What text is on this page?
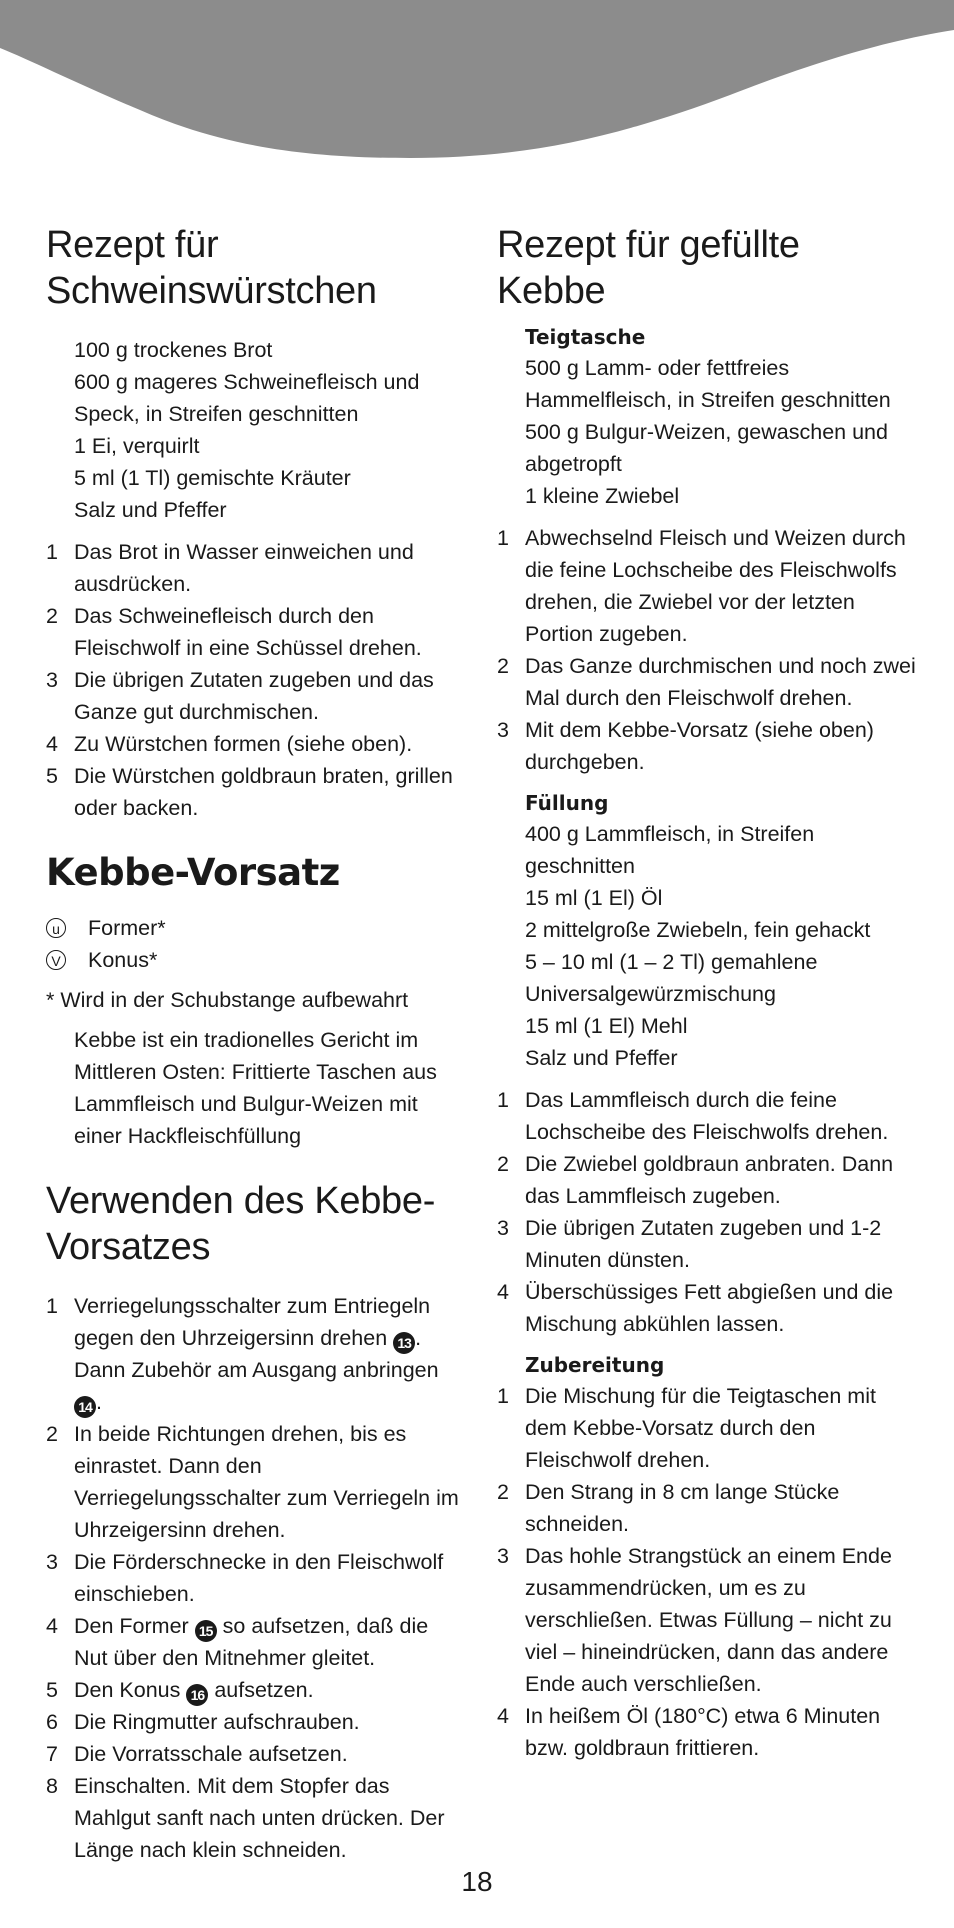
Rezept für Schweinswürstchen
100 g trockenes Brot
600 g mageres Schweinefleisch und Speck, in Streifen geschnitten
1 Ei, verquirlt
5 ml (1 Tl) gemischte Kräuter
Salz und Pfeffer
1 Das Brot in Wasser einweichen und ausdrücken.
2 Das Schweinefleisch durch den Fleischwolf in eine Schüssel drehen.
3 Die übrigen Zutaten zugeben und das Ganze gut durchmischen.
4 Zu Würstchen formen (siehe oben).
5 Die Würstchen goldbraun braten, grillen oder backen.
Kebbe-Vorsatz
u Former*
V Konus*
* Wird in der Schubstange aufbewahrt
Kebbe ist ein tradionelles Gericht im Mittleren Osten: Frittierte Taschen aus Lammfleisch und Bulgur-Weizen mit einer Hackfleischfüllung
Verwenden des Kebbe-Vorsatzes
1 Verriegelungsschalter zum Entriegeln gegen den Uhrzeigersinn drehen 13 . Dann Zubehör am Ausgang anbringen 14 .
2 In beide Richtungen drehen, bis es einrastet. Dann den Verriegelungsschalter zum Verriegeln im Uhrzeigersinn drehen.
3 Die Förderschnecke in den Fleischwolf einschieben.
4 Den Former 15 so aufsetzen, daß die Nut über den Mitnehmer gleitet.
5 Den Konus 16 aufsetzen.
6 Die Ringmutter aufschrauben.
7 Die Vorratsschale aufsetzen.
8 Einschalten. Mit dem Stopfer das Mahlgut sanft nach unten drücken. Der Länge nach klein schneiden.
Rezept für gefüllte Kebbe
Teigtasche
500 g Lamm- oder fettfreies Hammelfleisch, in Streifen geschnitten
500 g Bulgur-Weizen, gewaschen und abgetropft
1 kleine Zwiebel
1 Abwechselnd Fleisch und Weizen durch die feine Lochscheibe des Fleischwolfs drehen, die Zwiebel vor der letzten Portion zugeben.
2 Das Ganze durchmischen und noch zwei Mal durch den Fleischwolf drehen.
3 Mit dem Kebbe-Vorsatz (siehe oben) durchgeben.
Füllung
400 g Lammfleisch, in Streifen geschnitten
15 ml (1 El) Öl
2 mittelgroße Zwiebeln, fein gehackt
5 – 10 ml (1 – 2 Tl) gemahlene Universalgewürzmischung
15 ml (1 El) Mehl
Salz und Pfeffer
1 Das Lammfleisch durch die feine Lochscheibe des Fleischwolfs drehen.
2 Die Zwiebel goldbraun anbraten. Dann das Lammfleisch zugeben.
3 Die übrigen Zutaten zugeben und 1-2 Minuten dünsten.
4 Überschüssiges Fett abgießen und die Mischung abkühlen lassen.
Zubereitung
1 Die Mischung für die Teigtaschen mit dem Kebbe-Vorsatz durch den Fleischwolf drehen.
2 Den Strang in 8 cm lange Stücke schneiden.
3 Das hohle Strangstück an einem Ende zusammendrücken, um es zu verschließen. Etwas Füllung – nicht zu viel – hineindrücken, dann das andere Ende auch verschließen.
4 In heißem Öl (180°C) etwa 6 Minuten bzw. goldbraun frittieren.
18
